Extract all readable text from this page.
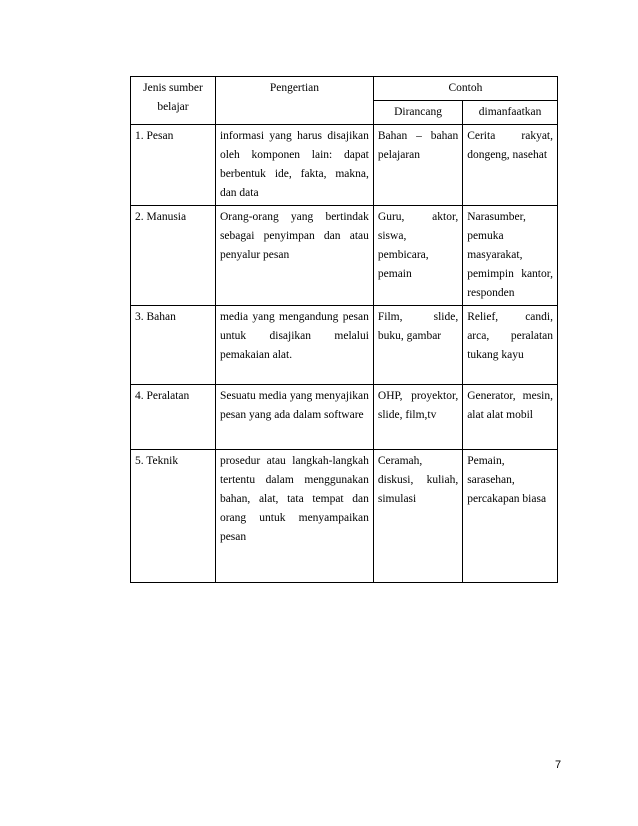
Jenis sumber belajar	Pengertian	Contoh	
		Dirancang	dimanfaatkan
1. Pesan	informasi yang harus disajikan oleh komponen lain: dapat berbentuk ide, fakta, makna, dan data	Bahan – bahan pelajaran	Cerita rakyat, dongeng, nasehat
2. Manusia	Orang-orang yang bertindak sebagai penyimpan dan atau penyalur pesan	Guru, aktor, siswa, pembicara, pemain	Narasumber, pemuka masyarakat, pemimpin kantor, responden
3. Bahan	media yang mengandung pesan untuk disajikan melalui pemakaian alat.	Film, slide, buku, gambar	Relief, candi, arca, peralatan tukang kayu
4. Peralatan	Sesuatu media yang menyajikan pesan yang ada dalam software	OHP, proyektor, slide, film,tv	Generator, mesin, alat alat mobil
5. Teknik	prosedur atau langkah-langkah tertentu dalam menggunakan bahan, alat, tata tempat dan orang untuk menyampaikan pesan	Ceramah, diskusi, kuliah, simulasi	Pemain, sarasehan, percakapan biasa
7
